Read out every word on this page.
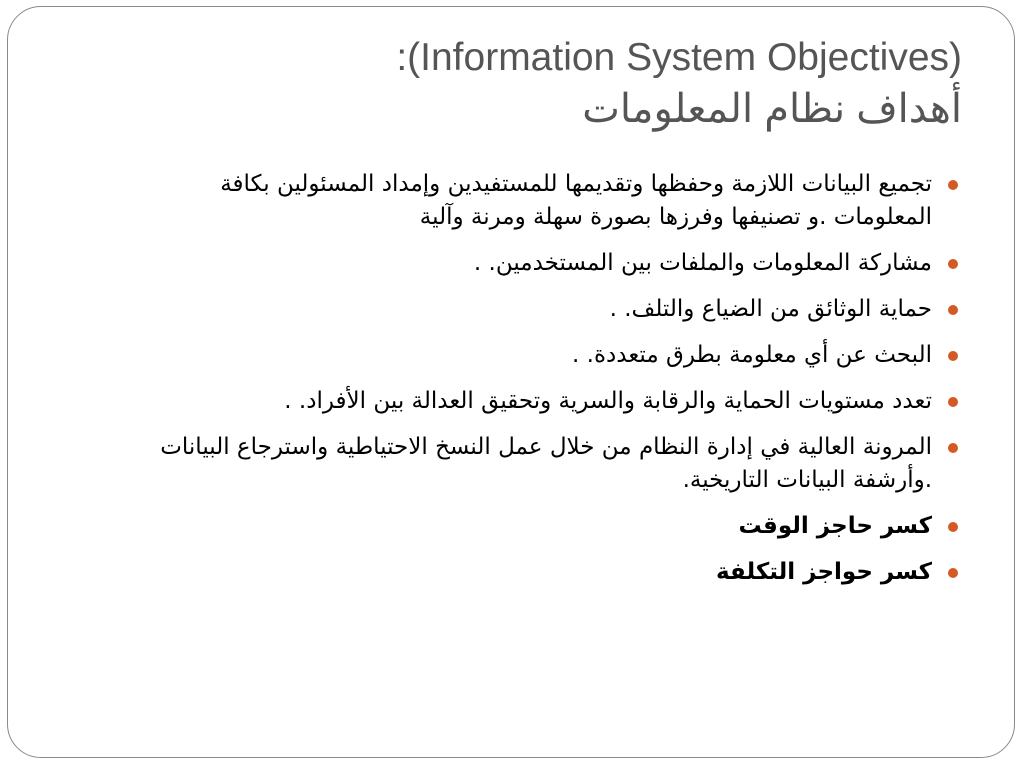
:(Information System Objectives)
أهداف نظام المعلومات
تجميع البيانات اللازمة وحفظها وتقديمها للمستفيدين وإمداد المسئولين بكافة المعلومات .و تصنيفها وفرزها بصورة سهلة ومرنة وآلية
مشاركة المعلومات والملفات بين المستخدمين. .
حماية الوثائق من الضياع والتلف. .
البحث عن أي معلومة بطرق متعددة. .
تعدد مستويات الحماية والرقابة والسرية وتحقيق العدالة بين الأفراد. .
المرونة العالية في إدارة النظام من خلال عمل النسخ الاحتياطية واسترجاع البيانات .وأرشفة البيانات التاريخية.
كسر حاجز الوقت
كسر حواجز التكلفة
